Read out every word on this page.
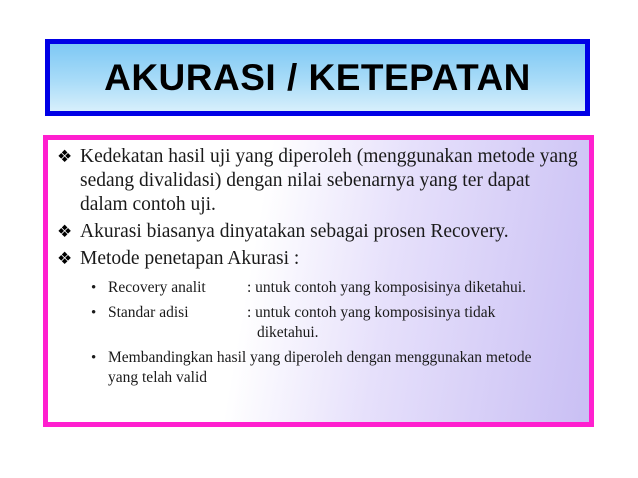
AKURASI / KETEPATAN
❖ Kedekatan hasil uji yang diperoleh (menggunakan metode yang sedang divalidasi) dengan nilai sebenarnya yang ter dapat dalam contoh uji.
❖ Akurasi biasanya dinyatakan sebagai prosen Recovery.
❖ Metode penetapan Akurasi :
• Recovery analit	: untuk contoh yang komposisinya diketahui.
• Standar adisi	: untuk contoh yang komposisinya tidak
diketahui.
• Membandingkan hasil yang diperoleh dengan menggunakan metode yang telah valid
